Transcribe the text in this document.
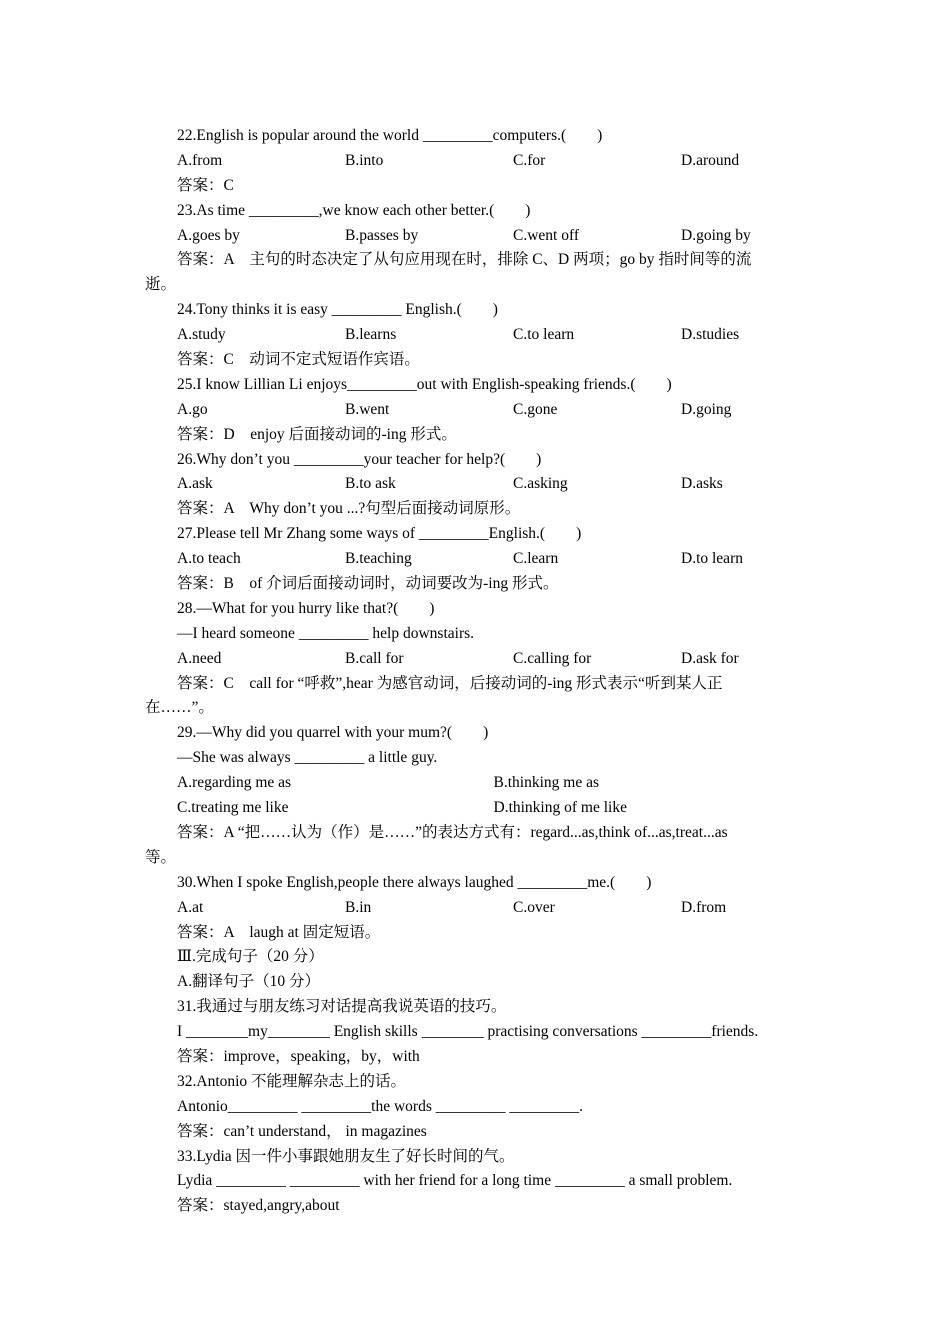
22.English is popular around the world _________computers.(　　)
A.from	B.into	C.for	D.around
答案：C
23.As time _________,we know each other better.(　　)
A.goes by	B.passes by	C.went off	D.going by
答案：A　主句的时态决定了从句应用现在时，排除 C、D 两项；go by 指时间等的流
逝。
24.Tony thinks it is easy _________ English.(　　)
A.study	B.learns	C.to learn	D.studies
答案：C　动词不定式短语作宾语。
25.I know Lillian Li enjoys_________out with English-speaking friends.(　　)
A.go	B.went	C.gone	D.going
答案：D　enjoy 后面接动词的-ing 形式。
26.Why don’t you _________your teacher for help?(　　)
A.ask	B.to ask	C.asking	D.asks
答案：A　Why don’t you ...?句型后面接动词原形。
27.Please tell Mr Zhang some ways of _________English.(　　)
A.to teach	B.teaching	C.learn	D.to learn
答案：B　of 介词后面接动词时，动词要改为-ing 形式。
28.—What for you hurry like that?(　　)
—I heard someone _________ help downstairs.
A.need	B.call for	C.calling for	D.ask for
答案：C　call for “呼救”,hear 为感官动词，后接动词的-ing 形式表示“听到某人正
在……”。
29.—Why did you quarrel with your mum?(　　)
—She was always _________ a little guy.
A.regarding me as	B.thinking me as
C.treating me like	D.thinking of me like
答案：A “把……认为（作）是……”的表达方式有：regard...as,think of...as,treat...as
等。
30.When I spoke English,people there always laughed _________me.(　　)
A.at	B.in	C.over	D.from
答案：A　laugh at 固定短语。
Ⅲ.完成句子（20 分）
A.翻译句子（10 分）
31.我通过与朋友练习对话提高我说英语的技巧。
I ________my________ English skills ________ practising conversations _________friends.
答案：improve，speaking，by，with
32.Antonio 不能理解杂志上的话。
Antonio_________ _________the words _________ _________.
答案：can’t understand， in magazines
33.Lydia 因一件小事跟她朋友生了好长时间的气。
Lydia _________ _________ with her friend for a long time _________ a small problem.
答案：stayed,angry,about
